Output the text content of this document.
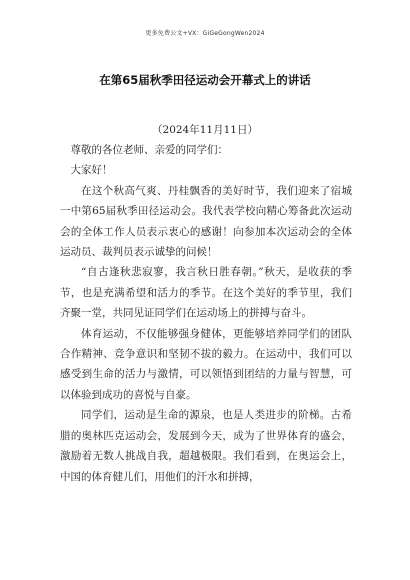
更多免费公文+VX：GiGeGongWen2024
在第65届秋季田径运动会开幕式上的讲话
（2024年11月11日）

尊敬的各位老师、亲爱的同学们：

大家好！

在这个秋高气爽、丹桂飘香的美好时节，我们迎来了宿城一中第65届秋季田径运动会。我代表学校向精心筹备此次运动会的全体工作人员表示衷心的感谢！向参加本次运动会的全体运动员、裁判员表示诚挚的问候！

“自古逢秋悲寂寥，我言秋日胜春朝。”秋天，是收获的季节，也是充满希望和活力的季节。在这个美好的季节里，我们齐聚一堂，共同见证同学们在运动场上的拼搏与奋斗。

体育运动，不仅能够强身健体，更能够培养同学们的团队合作精神、竞争意识和坚韧不拔的毅力。在运动中，我们可以感受到生命的活力与激情，可以领悟到团结的力量与智慧，可以体验到成功的喜悦与自豪。

同学们，运动是生命的源泉，也是人类进步的阶梯。古希腊的奥林匹克运动会，发展到今天，成为了世界体育的盛会，激励着无数人挑战自我，超越极限。我们看到，在奥运会上，中国的体育健儿们，用他们的汗水和拼搏，
